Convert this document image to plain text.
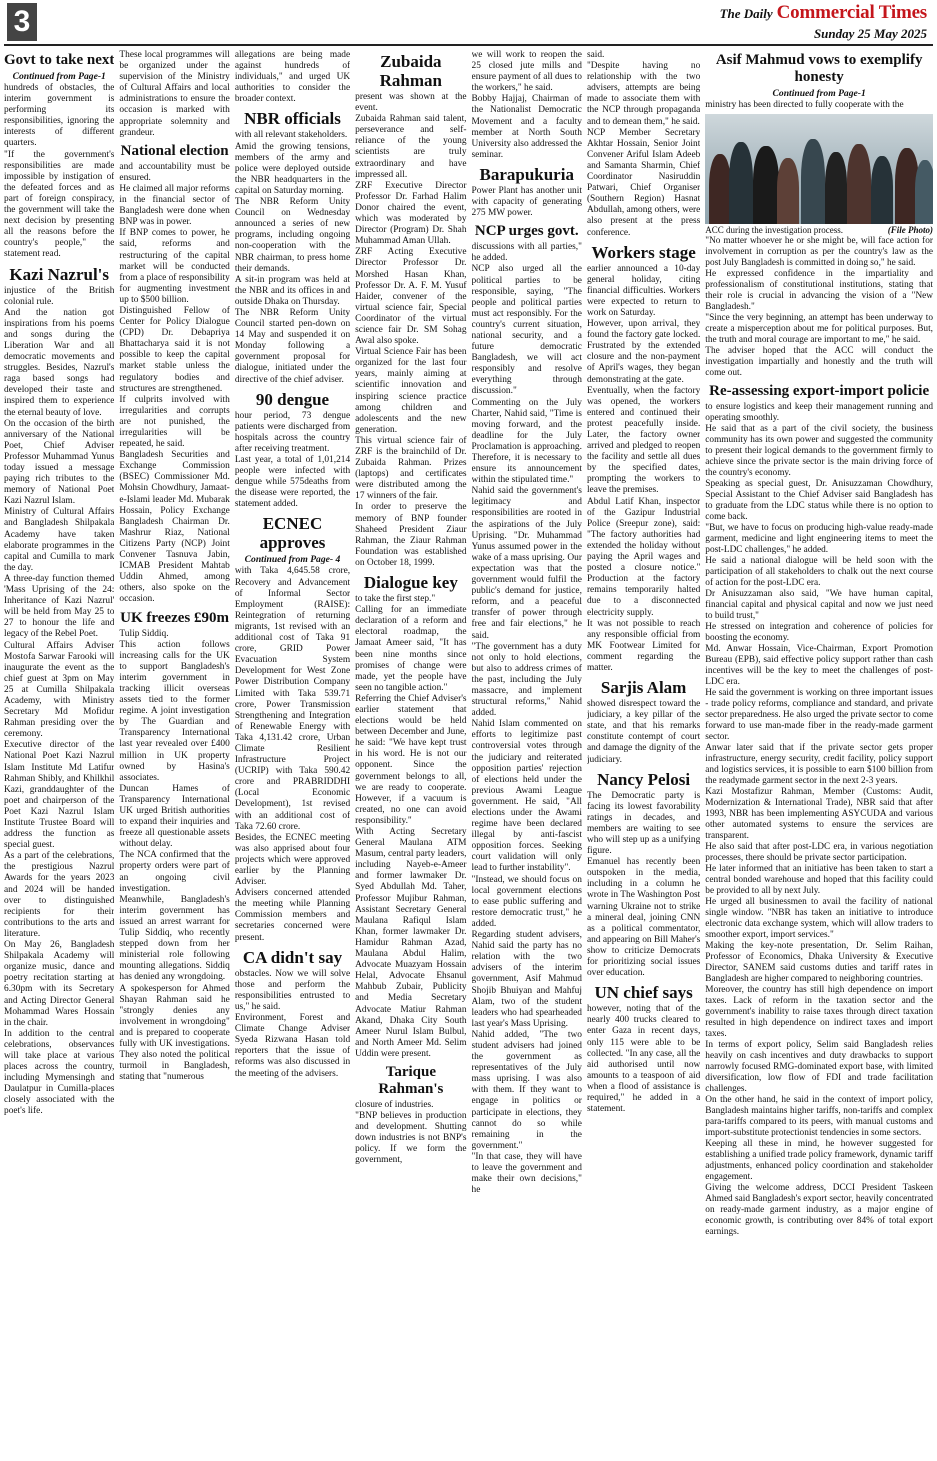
3	The Daily Commercial Times
Sunday 25 May 2025
Govt to take next
Continued from Page-1

hundreds of obstacles, the interim government is performing its responsibilities, ignoring the interests of different quarters.

"If the government's responsibilities are made impossible by instigation of the defeated forces and as part of foreign conspiracy, the government will take the next decision by presenting all the reasons before the country's people," the statement read.

Kazi Nazrul's

injustice of the British colonial rule.

And the nation got inspirations from his poems and songs during the Liberation War and all democratic movements and struggles. Besides, Nazrul's raga based songs had developed their taste and inspired them to experience the eternal beauty of love.

On the occasion of the birth anniversary of the National Poet, Chief Adviser Professor Muhammad Yunus today issued a message paying rich tributes to the memory of National Poet Kazi Nazrul Islam.

Ministry of Cultural Affairs and Bangladesh Shilpakala Academy have taken elaborate programmes in the capital and Cumilla to mark the day.

A three-day function themed 'Mass Uprising of the 24: Inheritance of Kazi Nazrul' will be held from May 25 to 27 to honour the life and legacy of the Rebel Poet.

Cultural Affairs Adviser Mostofa Sarwar Farooki will inaugurate the event as the chief guest at 3pm on May 25 at Cumilla Shilpakala Academy, with Ministry Secretary Md Mofidur Rahman presiding over the ceremony.

Executive director of the National Poet Kazi Nazrul Islam Institute Md Latifur Rahman Shibly, and Khilkhil Kazi, granddaughter of the poet and chairperson of the Poet Kazi Nazrul Islam Institute Trustee Board will address the function as special guest.

As a part of the celebrations, the prestigious Nazrul Awards for the years 2023 and 2024 will be handed over to distinguished recipients for their contributions to the arts and literature.

On May 26, Bangladesh Shilpakala Academy will organize music, dance and poetry recitation starting at 6.30pm with its Secretary and Acting Director General Mohammad Wares Hossain in the chair.

In addition to the central celebrations, observances will take place at various places across the country, including Mymensingh and Daulatpur in Cumilla-places closely associated with the poet's life.

These local programmes will be organized under the supervision of the Ministry of Cultural Affairs and local administrations to ensure the occasion is marked with appropriate solemnity and grandeur.

National election

and accountability must be ensured.

He claimed all major reforms in the financial sector of Bangladesh were done when BNP was in power.

If BNP comes to power, he said, reforms and restructuring of the capital market will be conducted from a place of responsibility for augmenting investment up to $500 billion.

Distinguished Fellow of Center for Policy Dialogue (CPD) Dr. Debapriya Bhattacharya said it is not possible to keep the capital market stable unless the regulatory bodies and structures are strengthened.

If culprits involved with irregularities and corrupts are not punished, the irregularities will be repeated, he said.

Bangladesh Securities and Exchange Commission (BSEC) Commissioner Md. Mohsin Chowdhury, Jamaat-e-Islami leader Md. Mubarak Hossain, Policy Exchange Bangladesh Chairman Dr. Mashrur Riaz, National Citizens Party (NCP) Joint Convener Tasnuva Jabin, ICMAB President Mahtab Uddin Ahmed, among others, also spoke on the occasion.

UK freezes £90m

Tulip Siddiq.

This action follows increasing calls for the UK to support Bangladesh's interim government in tracking illicit overseas assets tied to the former regime. A joint investigation by The Guardian and Transparency International last year revealed over £400 million in UK property owned by Hasina's associates.

Duncan Hames of Transparency International UK urged British authorities to expand their inquiries and freeze all questionable assets without delay.

The NCA confirmed that the property orders were part of an ongoing civil investigation.

Meanwhile, Bangladesh's interim government has issued an arrest warrant for Tulip Siddiq, who recently stepped down from her ministerial role following mounting allegations. Siddiq has denied any wrongdoing.

A spokesperson for Ahmed Shayan Rahman said he "strongly denies any involvement in wrongdoing" and is prepared to cooperate fully with UK investigations. They also noted the political turmoil in Bangladesh, stating that "numerous

allegations are being made against hundreds of individuals," and urged UK authorities to consider the broader context.

NBR officials

with all relevant stakeholders.

Amid the growing tensions, members of the army and police were deployed outside the NBR headquarters in the capital on Saturday morning.

The NBR Reform Unity Council on Wednesday announced a series of new programs, including ongoing non-cooperation with the NBR chairman, to press home their demands.

A sit-in program was held at the NBR and its offices in and outside Dhaka on Thursday.

The NBR Reform Unity Council started pen-down on 14 May and suspended it on Monday following a government proposal for dialogue, initiated under the directive of the chief adviser.

90 dengue

hour period, 73 dengue patients were discharged from hospitals across the country after receiving treatment.

Last year, a total of 1,01,214 people were infected with dengue while 575deaths from the disease were reported, the statement added.

ECNEC approves
Continued from Page- 4

with Taka 4,645.58 crore, Recovery and Advancement of Informal Sector Employment (RAISE): Reintegration of returning migrants, 1st revised with an additional cost of Taka 91 crore, GRID Power Evacuation System Development for West Zone Power Distribution Company Limited with Taka 539.71 crore, Power Transmission Strengthening and Integration of Renewable Energy with Taka 4,131.42 crore, Urban Climate Resilient Infrastructure Project (UCRIP) with Taka 590.42 crore and PRABRIDDHI (Local Economic Development), 1st revised with an additional cost of Taka 72.60 crore.

Besides, the ECNEC meeting was also apprised about four projects which were approved earlier by the Planning Adviser.

Advisers concerned attended the meeting while Planning Commission members and secretaries concerned were present.

CA didn't say

obstacles. Now we will solve those and perform the responsibilities entrusted to us," he said.

Environment, Forest and Climate Change Adviser Syeda Rizwana Hasan told reporters that the issue of reforms was also discussed in the meeting of the advisers.

Zubaida Rahman

present was shown at the event.

Zubaida Rahman said talent, perseverance and self-reliance of the young scientists are truly extraordinary and have impressed all.

ZRF Executive Director Professor Dr. Farhad Halim Donor chaired the event, which was moderated by Director (Program) Dr. Shah Muhammad Aman Ullah.

ZRF Acting Executive Director Professor Dr. Morshed Hasan Khan, Professor Dr. A. F. M. Yusuf Haider, convener of the virtual science fair, Special Coordinator of the virtual science fair Dr. SM Sohag Awal also spoke.

Virtual Science Fair has been organized for the last four years, mainly aiming at scientific innovation and inspiring science practice among children and adolescents and the new generation.

This virtual science fair of ZRF is the brainchild of Dr. Zubaida Rahman. Prizes (laptops) and certificates were distributed among the 17 winners of the fair.

In order to preserve the memory of BNP founder Shaheed President Ziaur Rahman, the Ziaur Rahman Foundation was established on October 18, 1999.

Dialogue key

to take the first step."

Calling for an immediate declaration of a reform and electoral roadmap, the Jamaat Ameer said, "It has been nine months since promises of change were made, yet the people have seen no tangible action."

Referring the Chief Adviser's earlier statement that elections would be held between December and June, he said: "We have kept trust in his word. He is not our opponent. Since the government belongs to all, we are ready to cooperate. However, if a vacuum is created, no one can avoid responsibility."

With Acting Secretary General Maulana ATM Masum, central party leaders, including Nayeb-e-Ameer and former lawmaker Dr. Syed Abdullah Md. Taher, Professor Mujibur Rahman, Assistant Secretary General Maulana Rafiqul Islam Khan, former lawmaker Dr. Hamidur Rahman Azad, Maulana Abdul Halim, Advocate Muazyam Hossain Helal, Advocate Ehsanul Mahbub Zubair, Publicity and Media Secretary Advocate Matiur Rahman Akand, Dhaka City South Ameer Nurul Islam Bulbul, and North Ameer Md. Selim Uddin were present.

Tarique Rahman's

closure of industries.

"BNP believes in production and development. Shutting down industries is not BNP's policy. If we form the government,

we will work to reopen the 25 closed jute mills and ensure payment of all dues to the workers," he said.

Bobby Hajjaj, Chairman of the Nationalist Democratic Movement and a faculty member at North South University also addressed the seminar.

Barapukuria

Power Plant has another unit with capacity of generating 275 MW power.

NCP urges govt.

discussions with all parties," he added.

NCP also urged all the political parties to be responsible, saying, "The people and political parties must act responsibly. For the country's current situation, national security, and a future democratic Bangladesh, we will act responsibly and resolve everything through discussion."

Commenting on the July Charter, Nahid said, "Time is moving forward, and the deadline for the July Proclamation is approaching. Therefore, it is necessary to ensure its announcement within the stipulated time."

Nahid said the government's legitimacy and responsibilities are rooted in the aspirations of the July Uprising. "Dr. Muhammad Yunus assumed power in the wake of a mass uprising. Our expectation was that the government would fulfil the public's demand for justice, reform, and a peaceful transfer of power through free and fair elections," he said.

"The government has a duty not only to hold elections, but also to address crimes of the past, including the July massacre, and implement structural reforms," Nahid added.

Nahid Islam commented on efforts to legitimize past controversial votes through the judiciary and reiterated opposition parties' rejection of elections held under the previous Awami League government. He said, "All elections under the Awami regime have been declared illegal by anti-fascist opposition forces. Seeking court validation will only lead to further instability".

"Instead, we should focus on local government elections to ease public suffering and restore democratic trust," he added.

Regarding student advisers, Nahid said the party has no relation with the two advisers of the interim government, Asif Mahmud Shojib Bhuiyan and Mahfuj Alam, two of the student leaders who had spearheaded last year's Mass Uprising.

Nahid added, "The two student advisers had joined the government as representatives of the July mass uprising. I was also with them. If they want to engage in politics or participate in elections, they cannot do so while remaining in the government."

"In that case, they will have to leave the government and make their own decisions," he

said.

"Despite having no relationship with the two advisers, attempts are being made to associate them with the NCP through propaganda and to demean them," he said.

NCP Member Secretary Akhtar Hossain, Senior Joint Convener Ariful Islam Adeeb and Samanta Sharmin, Chief Coordinator Nasiruddin Patwari, Chief Organiser (Southern Region) Hasnat Abdullah, among others, were also present at the press conference.

Workers stage

earlier announced a 10-day general holiday, citing financial difficulties. Workers were expected to return to work on Saturday.

However, upon arrival, they found the factory gate locked. Frustrated by the extended closure and the non-payment of April's wages, they began demonstrating at the gate.

Eventually, when the factory was opened, the workers entered and continued their protest peacefully inside. Later, the factory owner arrived and pledged to reopen the facility and settle all dues by the specified dates, prompting the workers to leave the premises.

Abdul Latif Khan, inspector of the Gazipur Industrial Police (Sreepur zone), said: "The factory authorities had extended the holiday without paying the April wages and posted a closure notice." Production at the factory remains temporarily halted due to a disconnected electricity supply.

It was not possible to reach any responsible official from MK Footwear Limited for comment regarding the matter.

Sarjis Alam

showed disrespect toward the judiciary, a key pillar of the state, and that his remarks constitute contempt of court and damage the dignity of the judiciary.

Nancy Pelosi

The Democratic party is facing its lowest favorability ratings in decades, and members are waiting to see who will step up as a unifying figure.

Emanuel has recently been outspoken in the media, including in a column he wrote in The Washington Post warning Ukraine not to strike a mineral deal, joining CNN as a political commentator, and appearing on Bill Maher's show to criticize Democrats for prioritizing social issues over education.

UN chief says

however, noting that of the nearly 400 trucks cleared to enter Gaza in recent days, only 115 were able to be collected. "In any case, all the aid authorised until now amounts to a teaspoon of aid when a flood of assistance is required," he added in a statement.

Asif Mahmud vows to exemplify honesty
Continued from Page-1

ministry has been directed to fully cooperate with the

ACC during the investigation process.	(File Photo)

"No matter whoever he or she might be, will face action for involvement in corruption as per the country's law as the post July Bangladesh is committed in doing so," he said.

He expressed confidence in the impartiality and professionalism of constitutional institutions, stating that their role is crucial in advancing the vision of a "New Bangladesh."

"Since the very beginning, an attempt has been underway to create a misperception about me for political purposes. But, the truth and moral courage are important to me," he said.

The adviser hoped that the ACC will conduct the investigation impartially and honestly and the truth will come out.

Re-assessing export-import policie

to ensure logistics and keep their management running and operating smoothly.

He said that as a part of the civil society, the business community has its own power and suggested the community to present their logical demands to the government firmly to achieve since the private sector is the main driving force of the country's economy.

Speaking as special guest, Dr. Anisuzzaman Chowdhury, Special Assistant to the Chief Adviser said Bangladesh has to graduate from the LDC status while there is no option to come back.

"But, we have to focus on producing high-value ready-made garment, medicine and light engineering items to meet the post-LDC challenges," he added.

He said a national dialogue will be held soon with the participation of all stakeholders to chalk out the next course of action for the post-LDC era.

Dr Anisuzzaman also said, "We have human capital, financial capital and physical capital and now we just need to build trust,"

He stressed on integration and coherence of policies for boosting the economy.

Md. Anwar Hossain, Vice-Chairman, Export Promotion Bureau (EPB), said effective policy support rather than cash incentives will be the key to meet the challenges of post-LDC era.

He said the government is working on three important issues - trade policy reforms, compliance and standard, and private sector preparedness. He also urged the private sector to come forward to use man-made fiber in the ready-made garment sector.

Anwar later said that if the private sector gets proper infrastructure, energy security, credit facility, policy support and logistics services, it is possible to earn $100 billion from the readymade garment sector in the next 2-3 years.

Kazi Mostafizur Rahman, Member (Customs: Audit, Modernization & International Trade), NBR said that after 1993, NBR has been implementing ASYCUDA and various other automated systems to ensure the services are transparent.

He also said that after post-LDC era, in various negotiation processes, there should be private sector participation.

He later informed that an initiative has been taken to start a central bonded warehouse and hoped that this facility could be provided to all by next July.

He urged all businessmen to avail the facility of national single window. "NBR has taken an initiative to introduce electronic data exchange system, which will allow traders to smoother export, import services."

Making the key-note presentation, Dr. Selim Raihan, Professor of Economics, Dhaka University & Executive Director, SANEM said customs duties and tariff rates in Bangladesh are higher compared to neighboring countries.

Moreover, the country has still high dependence on import taxes. Lack of reform in the taxation sector and the government's inability to raise taxes through direct taxation resulted in high dependence on indirect taxes and import taxes.

In terms of export policy, Selim said Bangladesh relies heavily on cash incentives and duty drawbacks to support narrowly focused RMG-dominated export base, with limited diversification, low flow of FDI and trade facilitation challenges.

On the other hand, he said in the context of import policy, Bangladesh maintains higher tariffs, non-tariffs and complex para-tariffs compared to its peers, with manual customs and import-substitute protectionist tendencies in some sectors.

Keeping all these in mind, he however suggested for establishing a unified trade policy framework, dynamic tariff adjustments, enhanced policy coordination and stakeholder engagement.

Giving the welcome address, DCCI President Taskeen Ahmed said Bangladesh's export sector, heavily concentrated on ready-made garment industry, as a major engine of economic growth, is contributing over 84% of total export earnings.
